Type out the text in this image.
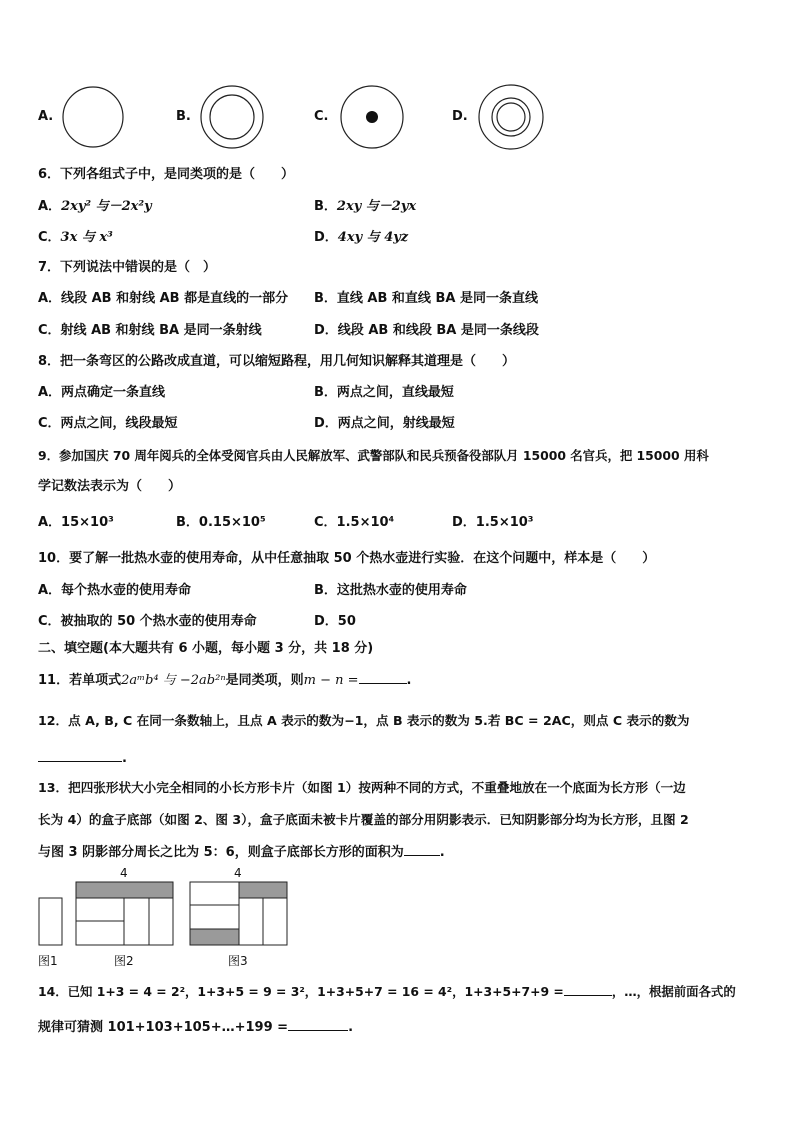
A.	B.	C.	D.
6．下列各组式子中，是同类项的是（　　）
A．2xy² 与－2x²y	B．2xy 与－2yx
C．3x 与 x³	D．4xy 与 4yz
7．下列说法中错误的是（　）
A．线段 AB 和射线 AB 都是直线的一部分 B．直线 AB 和直线 BA 是同一条直线
C．射线 AB 和射线 BA 是同一条射线	D．线段 AB 和线段 BA 是同一条线段
8．把一条弯区的公路改成直道，可以缩短路程，用几何知识解释其道理是（　　）
A．两点确定一条直线	B．两点之间，直线最短
C．两点之间，线段最短	D．两点之间，射线最短
9．参加国庆 70 周年阅兵的全体受阅官兵由人民解放军、武警部队和民兵预备役部队月 15000 名官兵，把 15000 用科
学记数法表示为（　　）
A．15×10³	B．0.15×10⁵	C．1.5×10⁴	D．1.5×10³
10．要了解一批热水壶的使用寿命，从中任意抽取 50 个热水壶进行实验．在这个问题中，样本是（　　）
A．每个热水壶的使用寿命	B．这批热水壶的使用寿命
C．被抽取的 50 个热水壶的使用寿命	D．50
二、填空题(本大题共有 6 小题，每小题 3 分，共 18 分)
11．若单项式2aᵐb⁴ 与 −2ab²ⁿ是同类项，则m − n =	.
12．点 A, B, C 在同一条数轴上，且点 A 表示的数为−1，点 B 表示的数为 5.若 BC = 2AC，则点 C 表示的数为
.
13．把四张形状大小完全相同的小长方形卡片（如图 1）按两种不同的方式，不重叠地放在一个底面为长方形（一边
长为 4）的盒子底部（如图 2、图 3），盒子底面未被卡片覆盖的部分用阴影表示．已知阴影部分均为长方形，且图 2
与图 3 阴影部分周长之比为 5：6，则盒子底部长方形的面积为	.
4	4
图1	图2	图3
14．已知 1+3 = 4 = 2²，1+3+5 = 9 = 3²，1+3+5+7 = 16 = 4²，1+3+5+7+9 =	，…，根据前面各式的
规律可猜测 101+103+105+…+199 =	.
